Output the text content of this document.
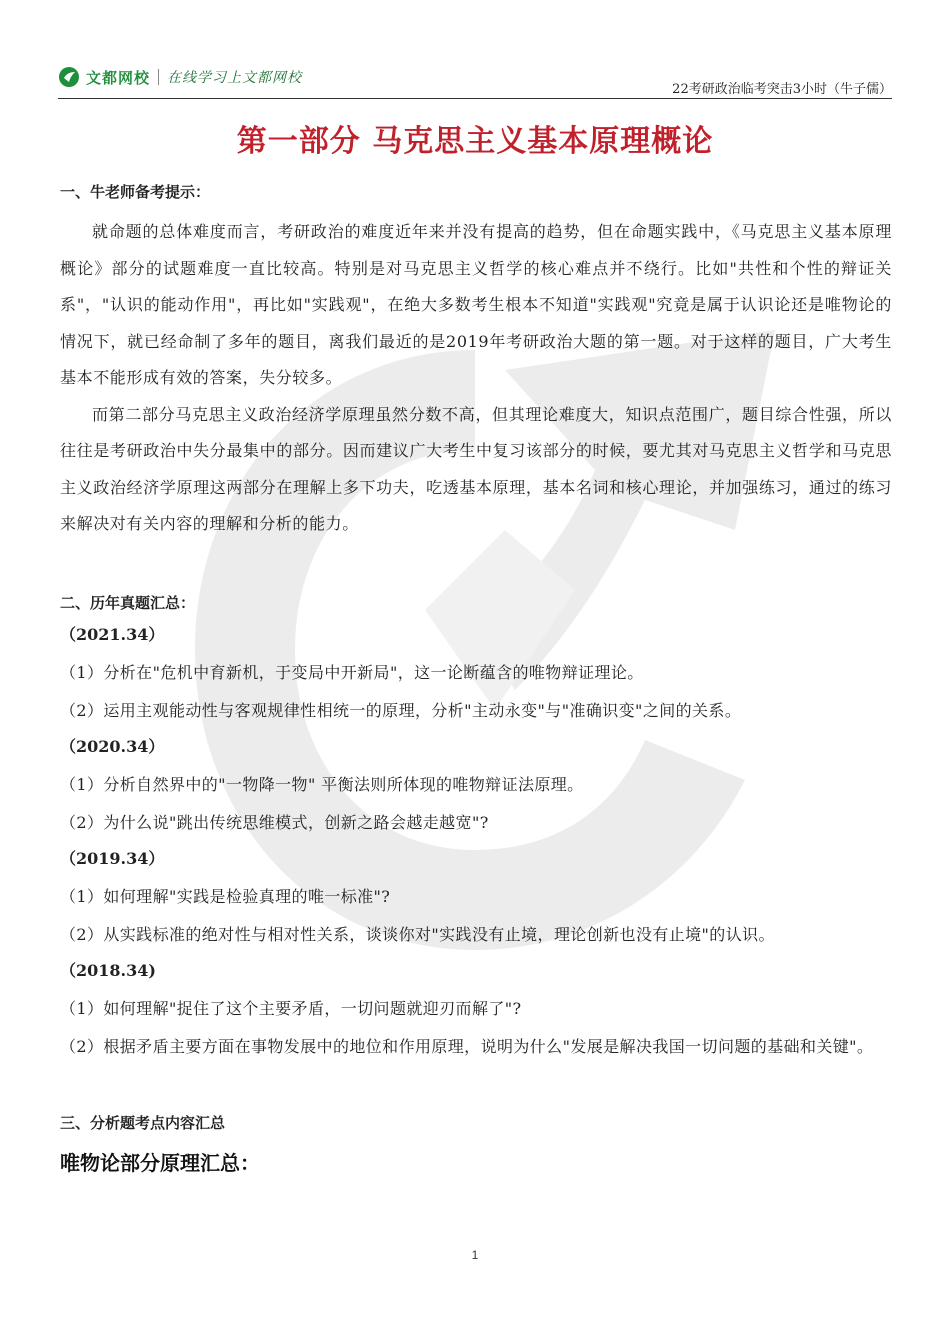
文都网校 在线学习上文都网校
22考研政治临考突击3小时（牛子儒）
第一部分 马克思主义基本原理概论
一、牛老师备考提示：

就命题的总体难度而言，考研政治的难度近年来并没有提高的趋势，但在命题实践中，《马克思主义基本原理概论》部分的试题难度一直比较高。特别是对马克思主义哲学的核心难点并不绕行。比如"共性和个性的辩证关系"，"认识的能动作用"，再比如"实践观"，在绝大多数考生根本不知道"实践观"究竟是属于认识论还是唯物论的情况下，就已经命制了多年的题目，离我们最近的是2019年考研政治大题的第一题。对于这样的题目，广大考生基本不能形成有效的答案，失分较多。

而第二部分马克思主义政治经济学原理虽然分数不高，但其理论难度大，知识点范围广，题目综合性强，所以往往是考研政治中失分最集中的部分。因而建议广大考生中复习该部分的时候，要尤其对马克思主义哲学和马克思主义政治经济学原理这两部分在理解上多下功夫，吃透基本原理，基本名词和核心理论，并加强练习，通过的练习来解决对有关内容的理解和分析的能力。

二、历年真题汇总：
（2021.34）
（1）分析在"危机中育新机，于变局中开新局"，这一论断蕴含的唯物辩证理论。
（2）运用主观能动性与客观规律性相统一的原理，分析"主动永变"与"准确识变"之间的关系。
（2020.34）
（1）分析自然界中的"一物降一物" 平衡法则所体现的唯物辩证法原理。
（2）为什么说"跳出传统思维模式，创新之路会越走越宽"?
（2019.34）
（1）如何理解"实践是检验真理的唯一标准"?
（2）从实践标准的绝对性与相对性关系，谈谈你对"实践没有止境，理论创新也没有止境"的认识。
（2018.34)
（1）如何理解"捉住了这个主要矛盾，一切问题就迎刃而解了"?
（2）根据矛盾主要方面在事物发展中的地位和作用原理，说明为什么"发展是解决我国一切问题的基础和关键"。
三、分析题考点内容汇总
唯物论部分原理汇总：
1
